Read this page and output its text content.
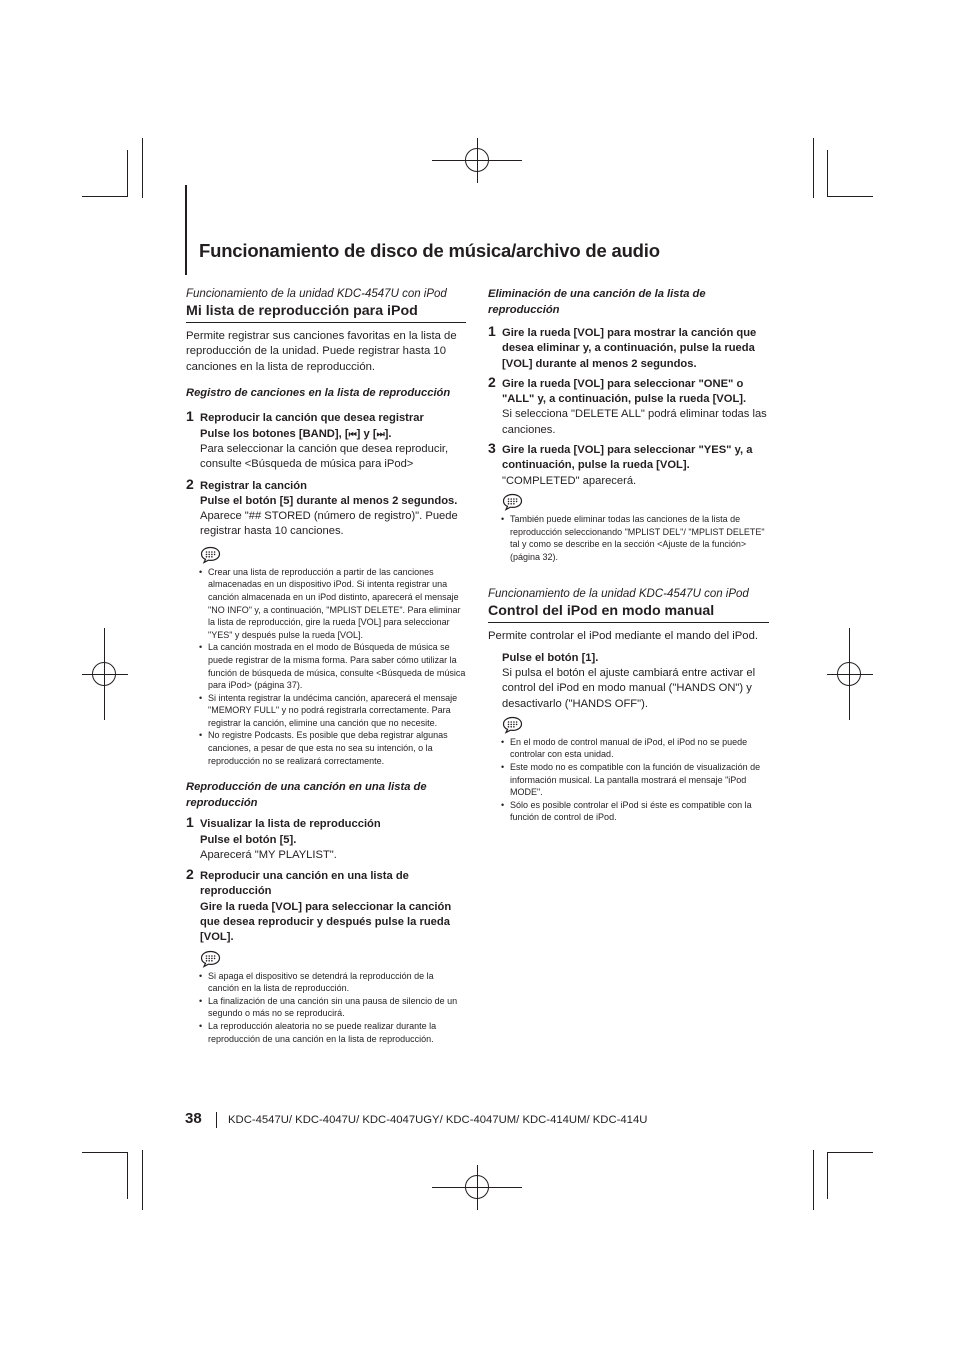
Funcionamiento de disco de música/archivo de audio
Funcionamiento de la unidad KDC-4547U con iPod
Mi lista de reproducción para iPod
Permite registrar sus canciones favoritas en la lista de reproducción de la unidad. Puede registrar hasta 10 canciones en la lista de reproducción.
Registro de canciones en la lista de reproducción
1 Reproducir la canción que desea registrar
Pulse los botones [BAND], [⏮] y [⏭].
Para seleccionar la canción que desea reproducir, consulte <Búsqueda de música para iPod>
2 Registrar la canción
Pulse el botón [5] durante al menos 2 segundos.
Aparece "## STORED (número de registro)". Puede registrar hasta 10 canciones.
• Crear una lista de reproducción a partir de las canciones almacenadas en un dispositivo iPod. Si intenta registrar una canción almacenada en un iPod distinto, aparecerá el mensaje "NO INFO" y, a continuación, "MPLIST DELETE". Para eliminar la lista de reproducción, gire la rueda [VOL] para seleccionar "YES" y después pulse la rueda [VOL].
• La canción mostrada en el modo de Búsqueda de música se puede registrar de la misma forma. Para saber cómo utilizar la función de búsqueda de música, consulte <Búsqueda de música para iPod> (página 37).
• Si intenta registrar la undécima canción, aparecerá el mensaje "MEMORY FULL" y no podrá registrarla correctamente. Para registrar la canción, elimine una canción que no necesite.
• No registre Podcasts. Es posible que deba registrar algunas canciones, a pesar de que esta no sea su intención, o la reproducción no se realizará correctamente.
Reproducción de una canción en una lista de reproducción
1 Visualizar la lista de reproducción
Pulse el botón [5].
Aparecerá "MY PLAYLIST".
2 Reproducir una canción en una lista de reproducción
Gire la rueda [VOL] para seleccionar la canción que desea reproducir y después pulse la rueda [VOL].
• Si apaga el dispositivo se detendrá la reproducción de la canción en la lista de reproducción.
• La finalización de una canción sin una pausa de silencio de un segundo o más no se reproducirá.
• La reproducción aleatoria no se puede realizar durante la reproducción de una canción en la lista de reproducción.
Eliminación de una canción de la lista de reproducción
1 Gire la rueda [VOL] para mostrar la canción que desea eliminar y, a continuación, pulse la rueda [VOL] durante al menos 2 segundos.
2 Gire la rueda [VOL] para seleccionar "ONE" o "ALL" y, a continuación, pulse la rueda [VOL].
Si selecciona "DELETE ALL" podrá eliminar todas las canciones.
3 Gire la rueda [VOL] para seleccionar "YES" y, a continuación, pulse la rueda [VOL].
"COMPLETED" aparecerá.
• También puede eliminar todas las canciones de la lista de reproducción seleccionando "MPLIST DEL"/ "MPLIST DELETE" tal y como se describe en la sección <Ajuste de la función> (página 32).
Funcionamiento de la unidad KDC-4547U con iPod
Control del iPod en modo manual
Permite controlar el iPod mediante el mando del iPod.
Pulse el botón [1].
Si pulsa el botón el ajuste cambiará entre activar el control del iPod en modo manual ("HANDS ON") y desactivarlo ("HANDS OFF").
• En el modo de control manual de iPod, el iPod no se puede controlar con esta unidad.
• Este modo no es compatible con la función de visualización de información musical. La pantalla mostrará el mensaje "iPod MODE".
• Sólo es posible controlar el iPod si éste es compatible con la función de control de iPod.
38 KDC-4547U/ KDC-4047U/ KDC-4047UGY/ KDC-4047UM/ KDC-414UM/ KDC-414U
